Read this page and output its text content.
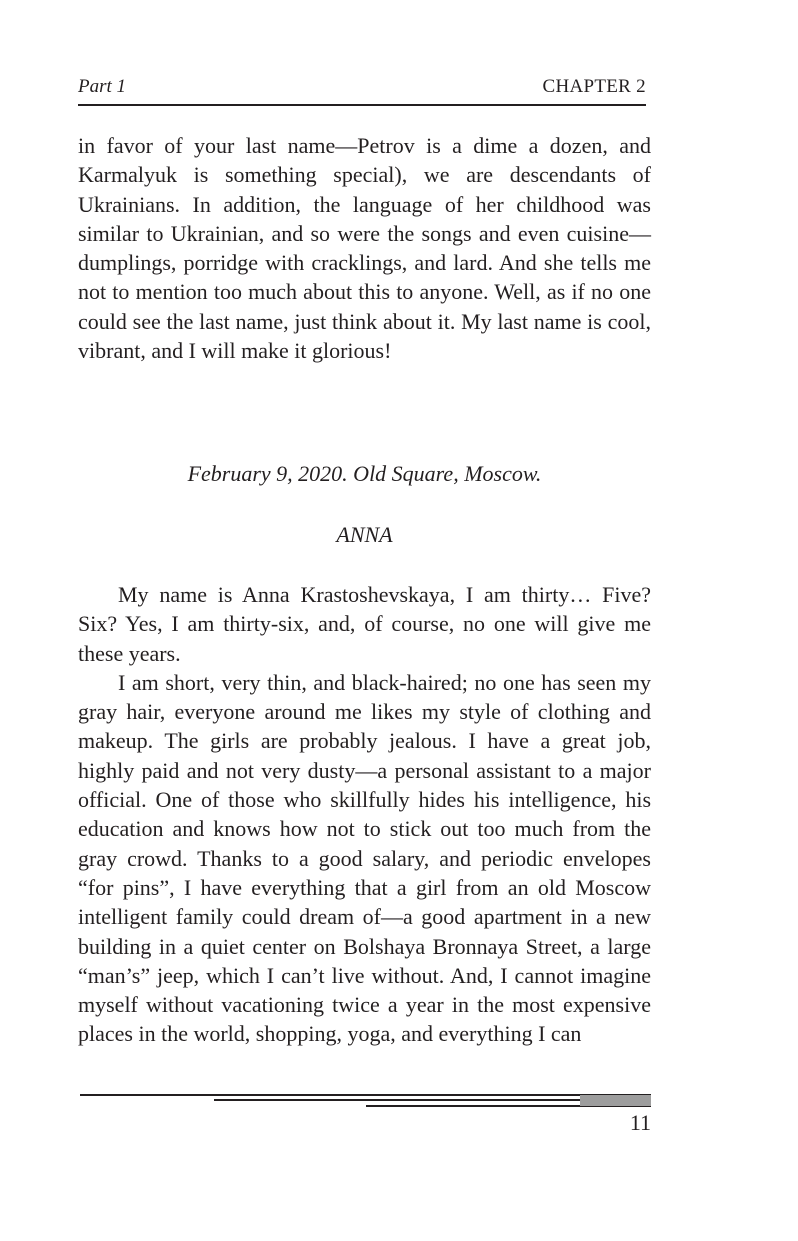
Part 1	CHAPTER 2

in favor of your last name—Petrov is a dime a dozen, and Karmalyuk is something special), we are descendants of Ukrainians. In addition, the language of her childhood was similar to Ukrainian, and so were the songs and even cuisine—dumplings, porridge with cracklings, and lard. And she tells me not to mention too much about this to anyone. Well, as if no one could see the last name, just think about it. My last name is cool, vibrant, and I will make it glorious!

February 9, 2020. Old Square, Moscow.
ANNA

My name is Anna Krastoshevskaya, I am thirty… Five? Six? Yes, I am thirty-six, and, of course, no one will give me these years.

I am short, very thin, and black-haired; no one has seen my gray hair, everyone around me likes my style of clothing and makeup. The girls are probably jealous. I have a great job, highly paid and not very dusty—a personal assistant to a major official. One of those who skillfully hides his intelligence, his education and knows how not to stick out too much from the gray crowd. Thanks to a good salary, and periodic envelopes “for pins”, I have everything that a girl from an old Moscow intelligent family could dream of—a good apartment in a new building in a quiet center on Bolshaya Bronnaya Street, a large “man’s” jeep, which I can’t live without. And, I cannot imagine myself without vacationing twice a year in the most expensive places in the world, shopping, yoga, and everything I can

11
